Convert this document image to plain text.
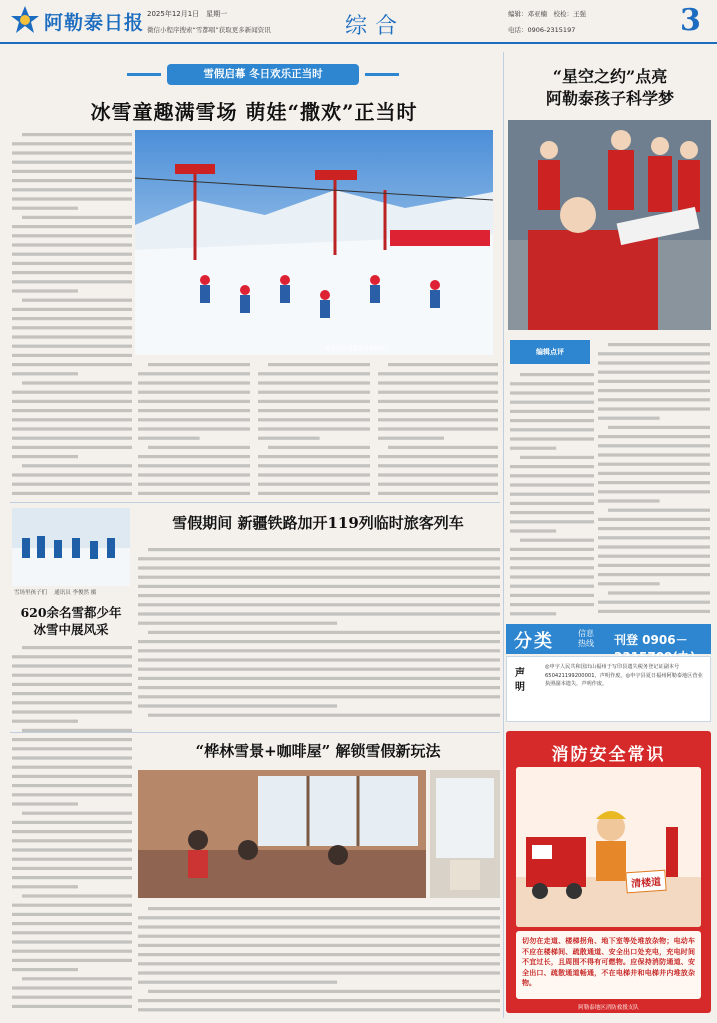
阿勒泰日报 2025年12月1日　星期一
微信小程序搜索“雪都唱”获取更多新闻资讯	综合	编辑：邓亚楠　校检：王强
电话：0906-2315197	3
雪假启幕 冬日欢乐正当时
冰雪童趣满雪场 萌娃“撒欢”正当时
孩子们在滑雪场尽情畅玩。
雪假期间 新疆铁路加开119列临时旅客列车
雪场里孩子们 　通讯员 李俊然 摄
620余名雪都少年
冰雪中展风采
“桦林雪景+咖啡屋” 解锁雪假新玩法
“星空之约”点亮
阿勒泰孩子科学梦
编辑点评
分类	信息
热线 刊登 0906－
声明
◎申字人民共和国出山福州于写印县遗失税务登记证副本号650421199200001，声明作废。◎申宇县夏日福州阿勒泰地区营业执照副本遗失，声明作废。
消防安全常识
清楼道
切勿在走道、楼梯拐角、地下室等处堆放杂物；电动车不应在楼梯间、疏散通道、安全出口处充电，充电时间不宜过长，且周围不得有可燃物。应保持消防通道、安全出口、疏散通道畅通，不在电梯井和电梯井内堆放杂物。
阿勒泰地区消防救援支队
